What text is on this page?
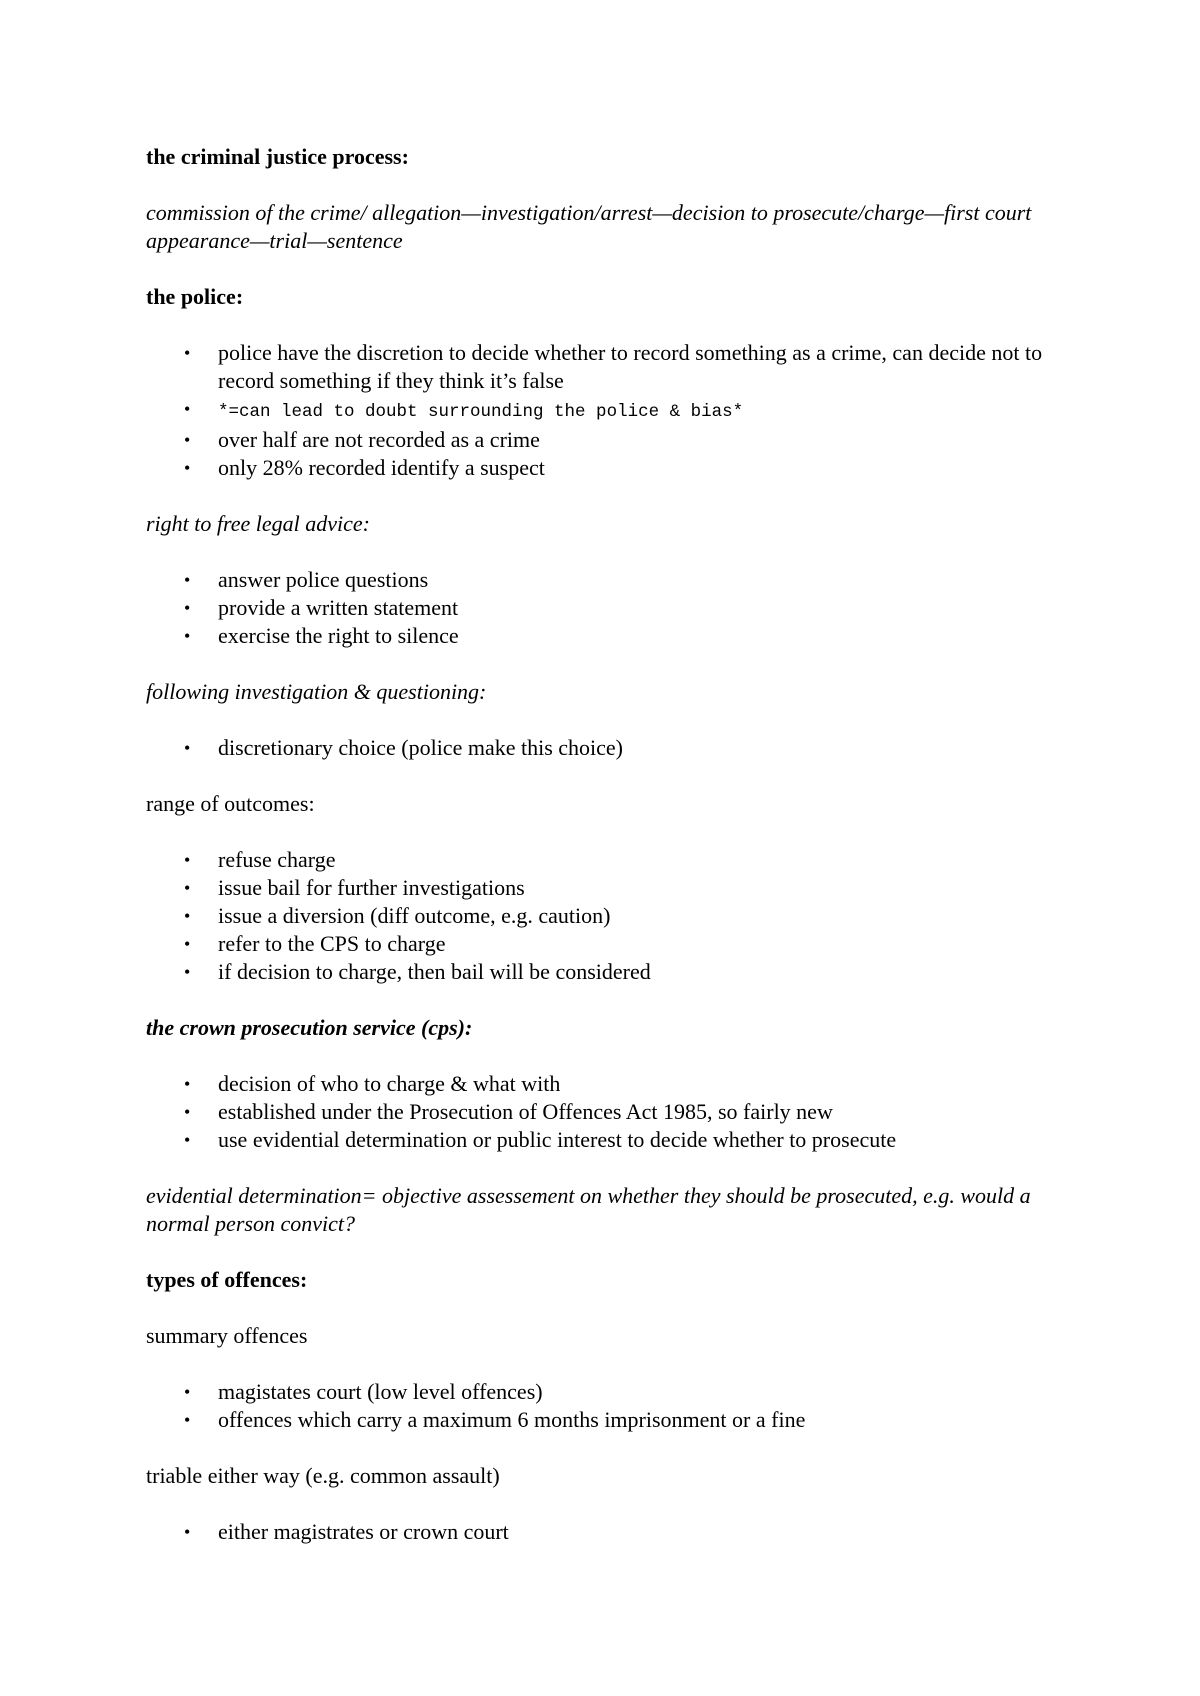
the criminal justice process:

commission of the crime/ allegation—investigation/arrest—decision to prosecute/charge—first court appearance—trial—sentence

the police:

• police have the discretion to decide whether to record something as a crime, can decide not to record something if they think it’s false
• *=can lead to doubt surrounding the police & bias*
• over half are not recorded as a crime
• only 28% recorded identify a suspect

right to free legal advice:

• answer police questions
• provide a written statement
• exercise the right to silence

following investigation & questioning:

• discretionary choice (police make this choice)

range of outcomes:

• refuse charge
• issue bail for further investigations
• issue a diversion (diff outcome, e.g. caution)
• refer to the CPS to charge
• if decision to charge, then bail will be considered

the crown prosecution service (cps):

• decision of who to charge & what with
• established under the Prosecution of Offences Act 1985, so fairly new
• use evidential determination or public interest to decide whether to prosecute

evidential determination= objective assessement on whether they should be prosecuted, e.g. would a normal person convict?

types of offences:

summary offences

• magistates court (low level offences)
• offences which carry a maximum 6 months imprisonment or a fine

triable either way (e.g. common assault)

• either magistrates or crown court
